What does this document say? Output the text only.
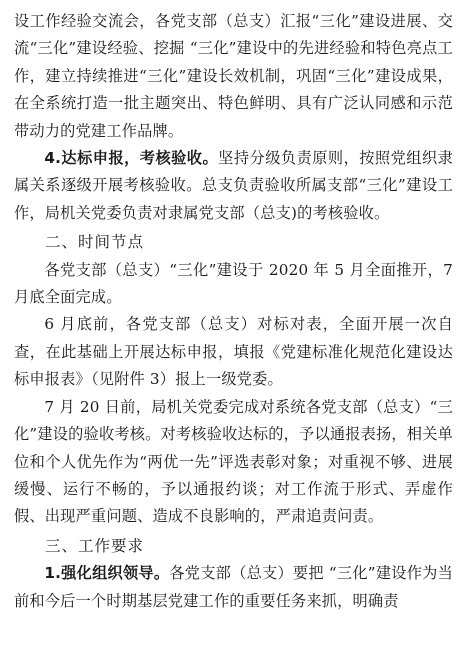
设工作经验交流会，各党支部（总支）汇报“三化”建设进展、交流“三化”建设经验、挖掘 “三化”建设中的先进经验和特色亮点工作，建立持续推进“三化”建设长效机制，巩固“三化”建设成果，在全系统打造一批主题突出、特色鲜明、具有广泛认同感和示范带动力的党建工作品牌。

4.达标申报，考核验收。坚持分级负责原则，按照党组织隶属关系逐级开展考核验收。总支负责验收所属支部“三化”建设工作，局机关党委负责对隶属党支部（总支)的考核验收。

二、时间节点

各党支部（总支）“三化”建设于 2020 年 5 月全面推开，7 月底全面完成。

6 月底前，各党支部（总支）对标对表，全面开展一次自查，在此基础上开展达标申报，填报《党建标准化规范化建设达标申报表》（见附件 3）报上一级党委。

7 月 20 日前，局机关党委完成对系统各党支部（总支）“三化”建设的验收考核。对考核验收达标的，予以通报表扬，相关单位和个人优先作为“两优一先”评选表彰对象；对重视不够、进展缓慢、运行不畅的，予以通报约谈；对工作流于形式、弄虚作假、出现严重问题、造成不良影响的，严肃追责问责。

三、工作要求

1.强化组织领导。各党支部（总支）要把 “三化”建设作为当前和今后一个时期基层党建工作的重要任务来抓，明确责
